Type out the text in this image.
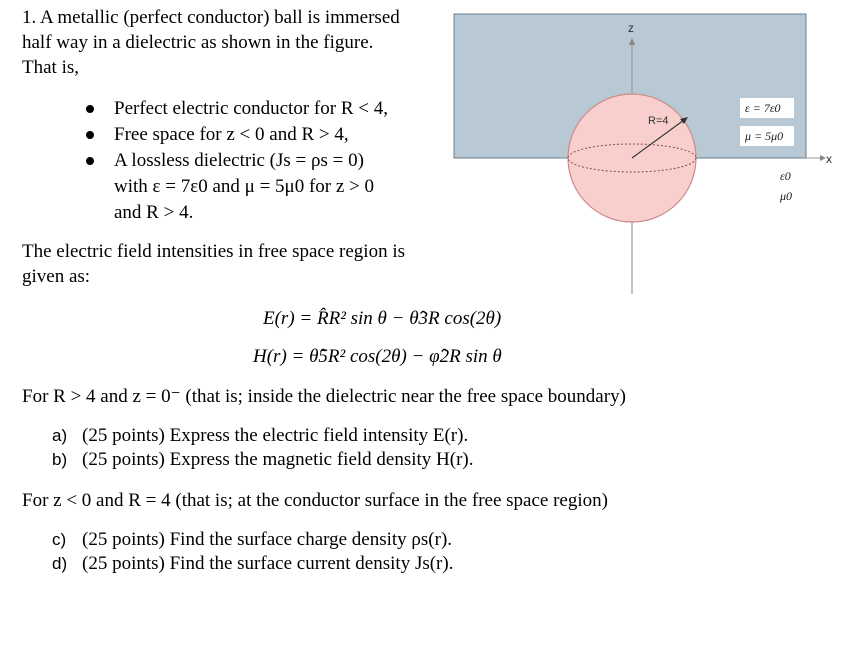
1. A metallic (perfect conductor) ball is immersed
half way in a dielectric as shown in the figure.
That is,
Perfect electric conductor for R < 4,
Free space for z < 0 and R > 4,
A lossless dielectric (Js = ρs = 0)
with ε = 7ε0 and μ = 5μ0 for z > 0
and R > 4.
The electric field intensities in free space region is
given as:
E(r) = R̂R² sin θ − θ̂3R cos(2θ)
H(r) = θ̂5R² cos(2θ) − φ̂2R sin θ
For R > 4 and z = 0⁻ (that is; inside the dielectric near the free space boundary)
a) (25 points) Express the electric field intensity E(r).
b) (25 points) Express the magnetic field density H(r).
For z < 0 and R = 4 (that is; at the conductor surface in the free space region)
c) (25 points) Find the surface charge density ρs(r).
d) (25 points) Find the surface current density Js(r).
z
x
R=4
ε = 7ε0
μ = 5μ0
ε0
μ0
